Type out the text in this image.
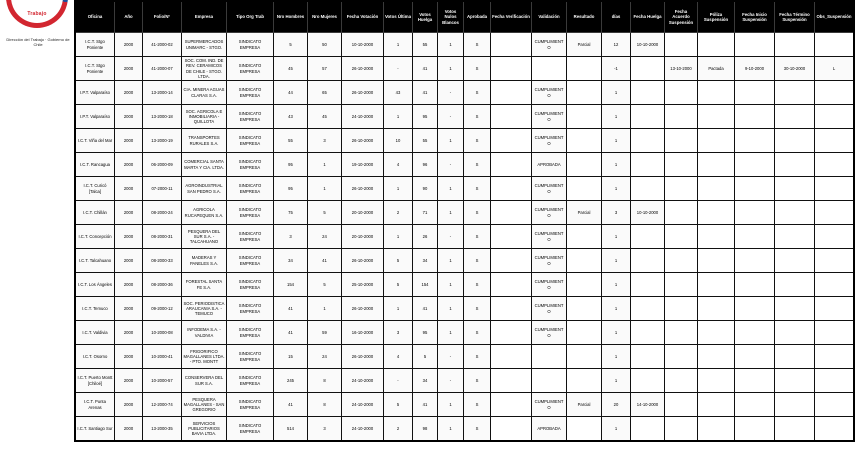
Trabajo
Dirección del Trabajo · Gobierno de Chile
Oficina	Año	Folio/N°	Empresa	Tipo Org Trab	Nro Hombres	Nro Mujeres	Fecha Votación	Votos Última	Votos Huelga	Votos Nulos Blancos	Aprobada	Fecha Verificación	Validación	Resultado	días	Fecha Huelga	Fecha Acuerdo Suspensión	Póliza Suspensión	Fecha Inicio Suspensión	Fecha Término Suspensión	Obs_Suspensión
I.C.T. Stgo Poniente	2000	41-2000-02	SUPERMERCADOS UNIMARC - STGO.	SINDICATO EMPRESA	5	50	10-10-2000	1	55	1	S		CUMPLIMIENTO	Parcial	12	10-10-2000					
I.C.T. Stgo Poniente	2000	41-2000-07	SOC. COM. IND. DE REV. CERAMICOS DE CHILE - STGO. LTDA.	SINDICATO EMPRESA	45	57	26-10-2000	-	41	1	S				-1		13-10-2000	Pactada	9-10-2000	30-10-2000	L
I.P.T. Valparaíso	2000	13-2000-14	CIA. MINERA AGUAS CLARAS S.A.	SINDICATO EMPRESA	44	65	26-10-2000	43	41	-	S		CUMPLIMIENTO		1						
I.P.T. Valparaíso	2000	13-2000-18	SOC. AGRICOLA E INMOBILIARIA - QUILLOTA	SINDICATO EMPRESA	43	45	24-10-2000	1	95	-	S		CUMPLIMIENTO		1						
I.C.T. Viña del Mar	2000	13-2000-19	TRANSPORTES RURALES S.A.	SINDICATO EMPRESA	55	3	26-10-2000	10	55	1	S		CUMPLIMIENTO		1						
I.C.T. Rancagua	2000	06-2000-09	COMERCIAL SANTA MARTA Y CIA. LTDA.	SINDICATO EMPRESA	95	1	19-10-2000	4	96	-	S		APROBADA		1						
I.C.T. Curicó [Talca]	2000	07-2000-11	AGROINDUSTRIAL SAN PEDRO S.A.	SINDICATO EMPRESA	95	1	26-10-2000	1	90	1	S		CUMPLIMIENTO		1						
I.C.T. Chillán	2000	08-2000-24	AGRICOLA RUCAPEQUEN S.A.	SINDICATO EMPRESA	75	5	20-10-2000	2	71	1	S		CUMPLIMIENTO	Parcial	3	10-10-2000					
I.C.T. Concepción	2000	08-2000-31	PESQUERA DEL SUR S.A. - TALCAHUANO	SINDICATO EMPRESA	3	24	20-10-2000	1	26	-	S		CUMPLIMIENTO		1						
I.C.T. Talcahuano	2000	08-2000-33	MADERAS Y PANELES S.A.	SINDICATO EMPRESA	34	41	26-10-2000	5	34	1	S		CUMPLIMIENTO		1						
I.C.T. Los Ángeles	2000	08-2000-36	FORESTAL SANTA FE S.A.	SINDICATO EMPRESA	154	5	25-10-2000	5	154	1	S		CUMPLIMIENTO		1						
I.C.T. Temuco	2000	09-2000-12	SOC. PERIODISTICA ARAUCANIA S.A. - TEMUCO	SINDICATO EMPRESA	41	1	26-10-2000	1	41	1	S		CUMPLIMIENTO		1						
I.C.T. Valdivia	2000	10-2000-08	INFODEMA S.A. - VALDIVIA	SINDICATO EMPRESA	41	59	16-10-2000	3	95	1	S		CUMPLIMIENTO		1						
I.C.T. Osorno	2000	10-2000-41	FRIGORIFICO MAGALLANES LTDA. - PTO. MONTT	SINDICATO EMPRESA	15	24	26-10-2000	4	5	-	S				1						
I.C.T. Puerto Montt [Chiloé]	2000	10-2000-57	CONSERVERA DEL SUR S.A.	SINDICATO EMPRESA	245	8	24-10-2000	-	34	-	S				1						
I.C.T. Punta Arenas	2000	12-2000-74	PESQUERA MAGALLANES - SAN GREGORIO	SINDICATO EMPRESA	41	8	24-10-2000	5	41	1	S		CUMPLIMIENTO	Parcial	20	14-10-2000					
I.C.T. Santiago Sur	2000	13-2000-35	SERVICIOS PUBLICITARIOS BAVIA LTDA.	SINDICATO EMPRESA	514	3	24-10-2000	2	98	1	S		APROBADA		1						
